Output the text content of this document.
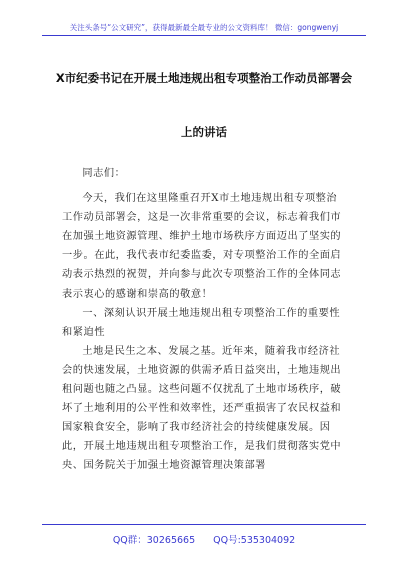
关注头条号“公文研究”，获得最新最全最专业的公文资料库！ 微信：gongwenyj
X市纪委书记在开展土地违规出租专项整治工作动员部署会
上的讲话

同志们：

今天，我们在这里隆重召开X市土地违规出租专项整治工作动员部署会，这是一次非常重要的会议，标志着我们市在加强土地资源管理、维护土地市场秩序方面迈出了坚实的一步。在此，我代表市纪委监委，对专项整治工作的全面启动表示热烈的祝贺，并向参与此次专项整治工作的全体同志表示衷心的感谢和崇高的敬意！

一、深刻认识开展土地违规出租专项整治工作的重要性和紧迫性

土地是民生之本、发展之基。近年来，随着我市经济社会的快速发展，土地资源的供需矛盾日益突出，土地违规出租问题也随之凸显。这些问题不仅扰乱了土地市场秩序，破坏了土地利用的公平性和效率性，还严重损害了农民权益和国家粮食安全，影响了我市经济社会的持续健康发展。因此，开展土地违规出租专项整治工作，是我们贯彻落实党中央、国务院关于加强土地资源管理决策部署

QQ群：30265665 QQ号:535304092
